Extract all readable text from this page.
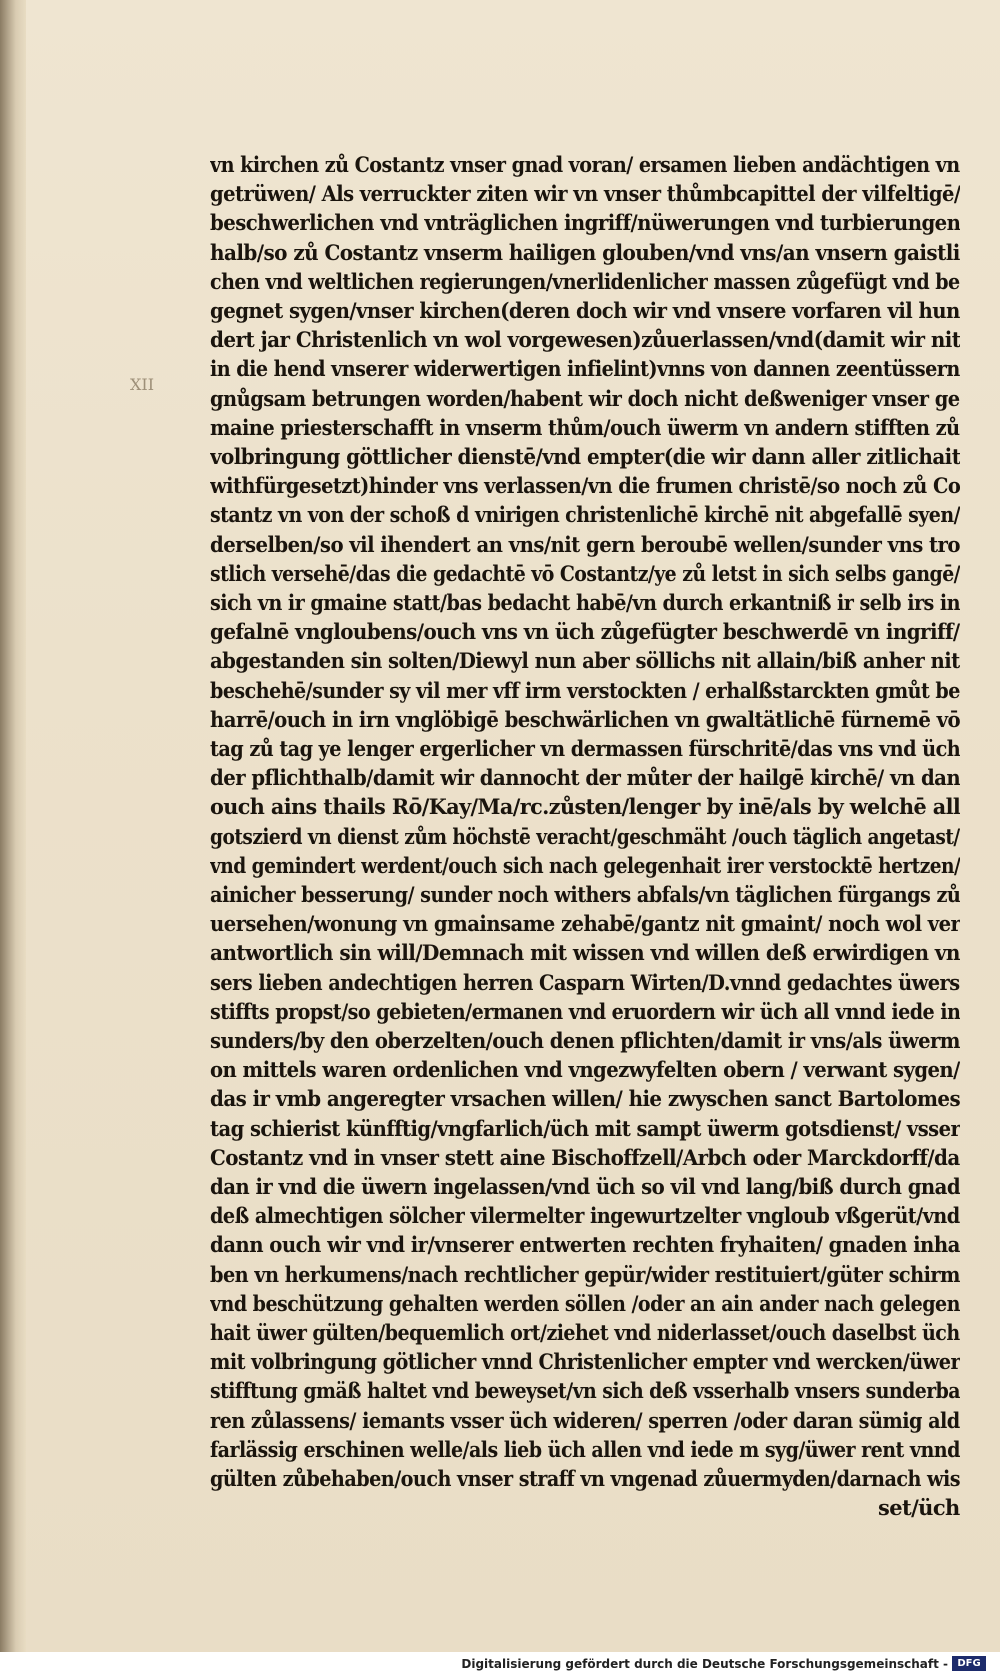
XII
vn kirchen zů Costantz vnser gnad voran/ ersamen lieben andächtigen vn
getrüwen/ Als verruckter ziten wir vn vnser thůmbcapittel der vilfeltigē/
beschwerlichen vnd vnträglichen ingriff/nüwerungen vnd turbierungen
halb/so zů Costantz vnserm hailigen glouben/vnd vns/an vnsern gaistli
chen vnd weltlichen regierungen/vnerlidenlicher massen zůgefügt vnd be
gegnet sygen/vnser kirchen(deren doch wir vnd vnsere vorfaren vil hun
dert jar Christenlich vn wol vorgewesen)zůuerlassen/vnd(damit wir nit
in die hend vnserer widerwertigen infielint)vnns von dannen zeentüssern
gnůgsam betrungen worden/habent wir doch nicht deßweniger vnser ge
maine priesterschafft in vnserm thům/ouch üwerm vn andern stifften zů
volbringung göttlicher dienstē/vnd empter(die wir dann aller zitlichait
withfürgesetzt)hinder vns verlassen/vn die frumen christē/so noch zů Co
stantz vn von der schoß d vnirigen christenlichē kirchē nit abgefallē syen/
derselben/so vil ihendert an vns/nit gern beroubē wellen/sunder vns tro
stlich versehē/das die gedachtē vō Costantz/ye zů letst in sich selbs gangē/
sich vn ir gmaine statt/bas bedacht habē/vn durch erkantniß ir selb irs in
gefalnē vngloubens/ouch vns vn üch zůgefügter beschwerdē vn ingriff/
abgestanden sin solten/Diewyl nun aber söllichs nit allain/biß anher nit
beschehē/sunder sy vil mer vff irm verstockten / erhalßstarckten gmůt be
harrē/ouch in irn vnglöbigē beschwärlichen vn gwaltätlichē fürnemē vō
tag zů tag ye lenger ergerlicher vn dermassen fürschritē/das vns vnd üch
der pflichthalb/damit wir dannocht der můter der hailgē kirchē/ vn dan
ouch ains thails Rō/Kay/Ma/rc.zůsten/lenger by inē/als by welchē all
gotszierd vn dienst zům höchstē veracht/geschmäht /ouch täglich angetast/
vnd gemindert werdent/ouch sich nach gelegenhait irer verstocktē hertzen/
ainicher besserung/ sunder noch withers abfals/vn täglichen fürgangs zů
uersehen/wonung vn gmainsame zehabē/gantz nit gmaint/ noch wol ver
antwortlich sin will/Demnach mit wissen vnd willen deß erwirdigen vn
sers lieben andechtigen herren Casparn Wirten/D.vnnd gedachtes üwers
stiffts propst/so gebieten/ermanen vnd eruordern wir üch all vnnd iede in
sunders/by den oberzelten/ouch denen pflichten/damit ir vns/als üwerm
on mittels waren ordenlichen vnd vngezwyfelten obern / verwant sygen/
das ir vmb angeregter vrsachen willen/ hie zwyschen sanct Bartolomes
tag schierist künfftig/vngfarlich/üch mit sampt üwerm gotsdienst/ vsser
Costantz vnd in vnser stett aine Bischoffzell/Arbch oder Marckdorff/da
dan ir vnd die üwern ingelassen/vnd üch so vil vnd lang/biß durch gnad
deß almechtigen sölcher vilermelter ingewurtzelter vngloub vßgerüt/vnd
dann ouch wir vnd ir/vnserer entwerten rechten fryhaiten/ gnaden inha
ben vn herkumens/nach rechtlicher gepür/wider restituiert/güter schirm
vnd beschützung gehalten werden söllen /oder an ain ander nach gelegen
hait üwer gülten/bequemlich ort/ziehet vnd niderlasset/ouch daselbst üch
mit volbringung götlicher vnnd Christenlicher empter vnd wercken/üwer
stifftung gmäß haltet vnd beweyset/vn sich deß vsserhalb vnsers sunderba
ren zůlassens/ iemants vsser üch wideren/ sperren /oder daran sümig ald
farlässig erschinen welle/als lieb üch allen vnd iede m syg/üwer rent vnnd
gülten zůbehaben/ouch vnser straff vn vngenad zůuermyden/darnach wis
set/üch
Digitalisierung gefördert durch die Deutsche Forschungsgemeinschaft - DFG
